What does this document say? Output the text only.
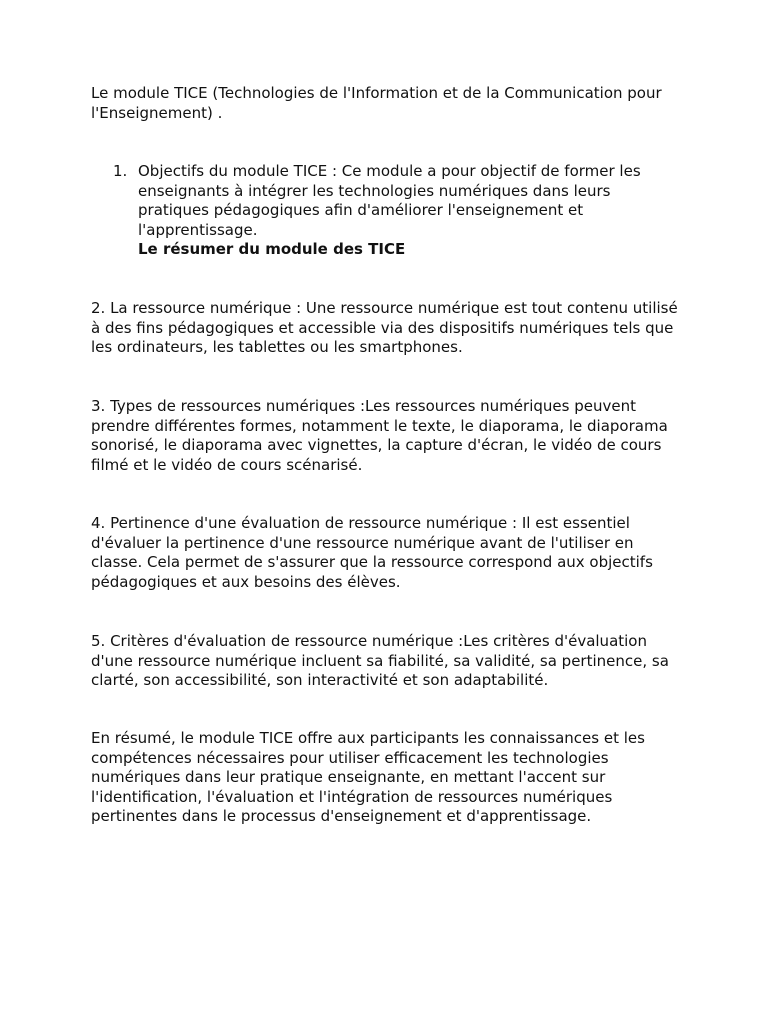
Le module TICE (Technologies de l'Information et de la Communication pour l'Enseignement) .

1. Objectifs du module TICE : Ce module a pour objectif de former les enseignants à intégrer les technologies numériques dans leurs pratiques pédagogiques afin d'améliorer l'enseignement et l'apprentissage.
Le résumer du module des TICE

2. La ressource numérique : Une ressource numérique est tout contenu utilisé à des fins pédagogiques et accessible via des dispositifs numériques tels que les ordinateurs, les tablettes ou les smartphones.

3. Types de ressources numériques :Les ressources numériques peuvent prendre différentes formes, notamment le texte, le diaporama, le diaporama sonorisé, le diaporama avec vignettes, la capture d'écran, le vidéo de cours filmé et le vidéo de cours scénarisé.

4. Pertinence d'une évaluation de ressource numérique : Il est essentiel d'évaluer la pertinence d'une ressource numérique avant de l'utiliser en classe. Cela permet de s'assurer que la ressource correspond aux objectifs pédagogiques et aux besoins des élèves.

5. Critères d'évaluation de ressource numérique :Les critères d'évaluation d'une ressource numérique incluent sa fiabilité, sa validité, sa pertinence, sa clarté, son accessibilité, son interactivité et son adaptabilité.

En résumé, le module TICE offre aux participants les connaissances et les compétences nécessaires pour utiliser efficacement les technologies numériques dans leur pratique enseignante, en mettant l'accent sur l'identification, l'évaluation et l'intégration de ressources numériques pertinentes dans le processus d'enseignement et d'apprentissage.
